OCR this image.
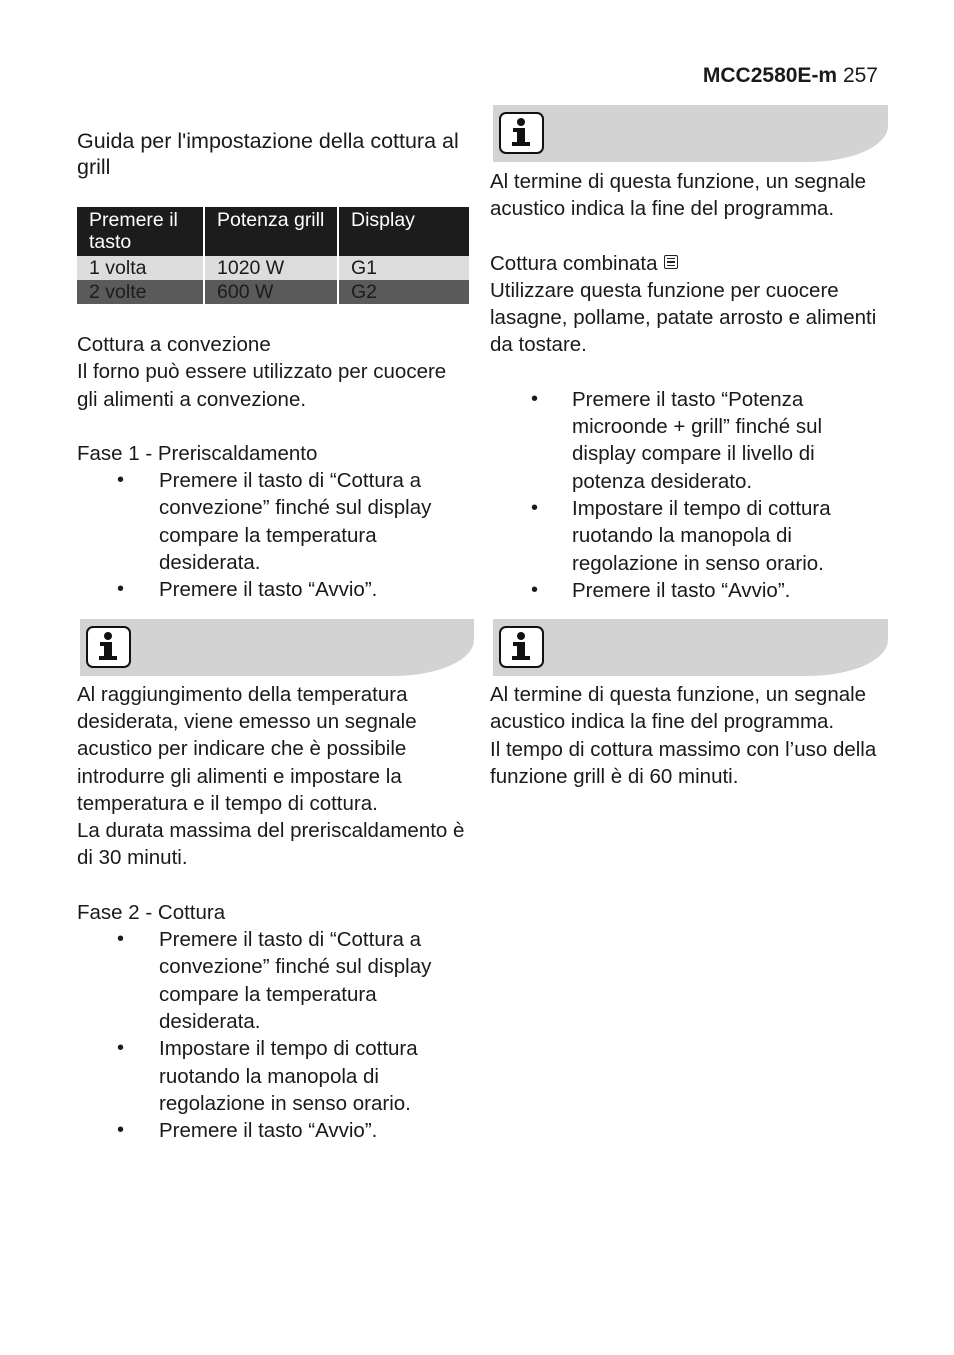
MCC2580E-m 257
Guida per l'impostazione della cottura al grill
Premere il tasto	Potenza grill	Display
1 volta	1020 W	G1
2 volte	600 W	G2

Cottura a convezione

Il forno può essere utilizzato per cuocere gli alimenti a convezione.

Fase 1 - Preriscaldamento

• Premere il tasto di “Cottura a convezione” finché sul display compare la temperatura desiderata.
• Premere il tasto “Avvio”.

Al raggiungimento della temperatura desiderata, viene emesso un segnale acustico per indicare che è possibile introdurre gli alimenti e impostare la temperatura e il tempo di cottura.

La durata massima del preriscaldamento è di 30 minuti.

Fase 2 - Cottura

• Premere il tasto di “Cottura a convezione” finché sul display compare la temperatura desiderata.
• Impostare il tempo di cottura ruotando la manopola di regolazione in senso orario.
• Premere il tasto “Avvio”.

Al termine di questa funzione, un segnale acustico indica la fine del programma.

Cottura combinata

Utilizzare questa funzione per cuocere lasagne, pollame, patate arrosto e alimenti da tostare.

• Premere il tasto “Potenza microonde + grill” finché sul display compare il livello di potenza desiderato.
• Impostare il tempo di cottura ruotando la manopola di regolazione in senso orario.
• Premere il tasto “Avvio”.

Al termine di questa funzione, un segnale acustico indica la fine del programma.

Il tempo di cottura massimo con l’uso della funzione grill è di 60 minuti.
